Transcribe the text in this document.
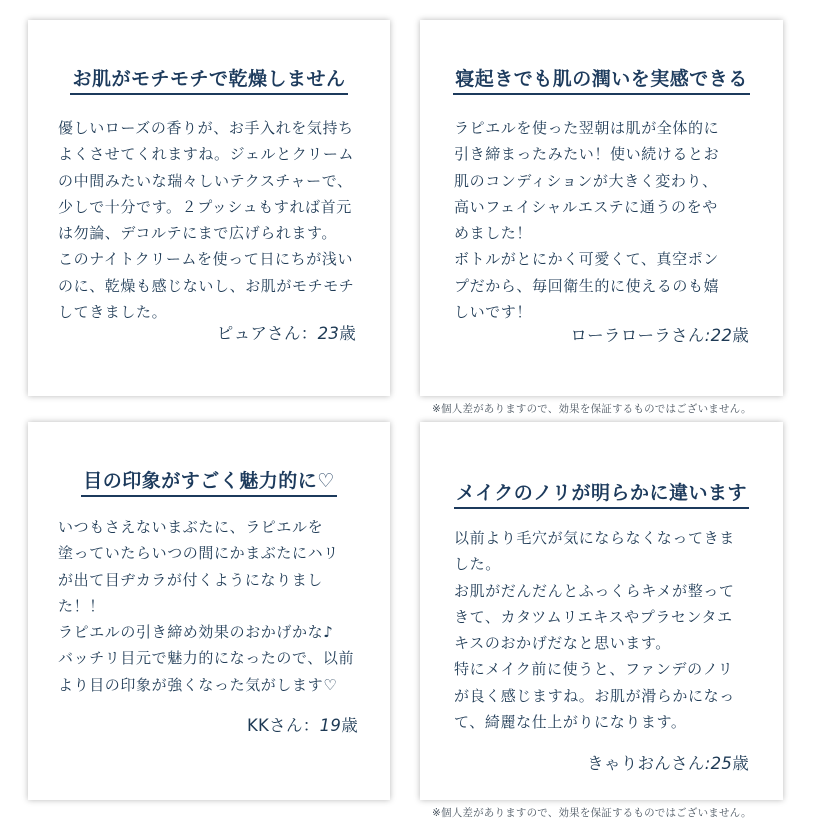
お肌がモチモチで乾燥しません

優しいローズの香りが、お手入れを気持ち

よくさせてくれますね。ジェルとクリーム

の中間みたいな瑞々しいテクスチャーで、

少しで十分です。２プッシュもすれば首元

は勿論、デコルテにまで広げられます。

このナイトクリームを使って日にちが浅い

のに、乾燥も感じないし、お肌がモチモチ

してきました。

ピュアさん：23歳
寝起きでも肌の潤いを実感できる

ラピエルを使った翌朝は肌が全体的に

引き締まったみたい！使い続けるとお

肌のコンディションが大きく変わり、

高いフェイシャルエステに通うのをや

めました！

ボトルがとにかく可愛くて、真空ポン

プだから、毎回衛生的に使えるのも嬉

しいです！

ローラローラさん:22歳
※個人差がありますので、効果を保証するものではございません。
目の印象がすごく魅力的に♡

いつもさえないまぶたに、ラピエルを

塗っていたらいつの間にかまぶたにハリ

が出て目ヂカラが付くようになりまし

た！！

ラピエルの引き締め効果のおかげかな♪

バッチリ目元で魅力的になったので、以前

より目の印象が強くなった気がします♡

KKさん：19歳
メイクのノリが明らかに違います

以前より毛穴が気にならなくなってきま

した。

お肌がだんだんとふっくらキメが整って

きて、カタツムリエキスやプラセンタエ

キスのおかげだなと思います。

特にメイク前に使うと、ファンデのノリ

が良く感じますね。お肌が滑らかになっ

て、綺麗な仕上がりになります。

きゃりおんさん:25歳
※個人差がありますので、効果を保証するものではございません。
